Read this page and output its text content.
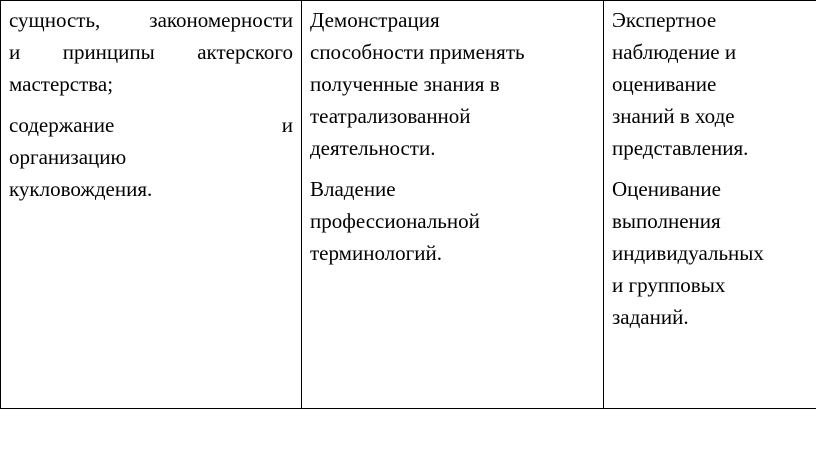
сущность, закономерности
и принципы актерского
мастерства;
содержание и
организацию
кукловождения.

Демонстрация
способности применять
полученные знания в
театрализованной
деятельности.
Владение
профессиональной
терминологий.

Экспертное
наблюдение и
оценивание
знаний в ходе
представления.
Оценивание
выполнения
индивидуальных
и групповых
заданий.
